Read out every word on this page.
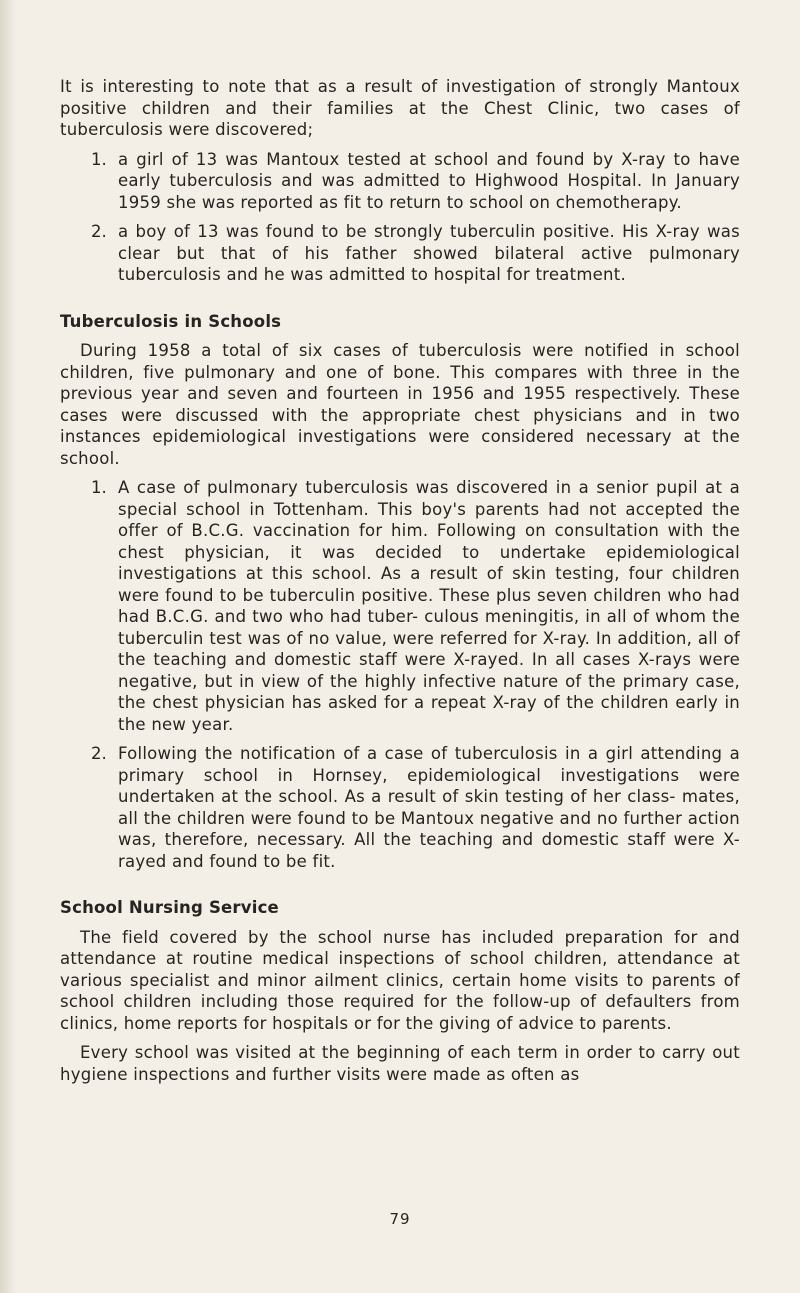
It is interesting to note that as a result of investigation of strongly Mantoux positive children and their families at the Chest Clinic, two cases of tuberculosis were discovered;

1. a girl of 13 was Mantoux tested at school and found by X-ray to have early tuberculosis and was admitted to Highwood Hospital. In January 1959 she was reported as fit to return to school on chemotherapy.

2. a boy of 13 was found to be strongly tuberculin positive. His X-ray was clear but that of his father showed bilateral active pulmonary tuberculosis and he was admitted to hospital for treatment.

Tuberculosis in Schools

During 1958 a total of six cases of tuberculosis were notified in school children, five pulmonary and one of bone. This compares with three in the previous year and seven and fourteen in 1956 and 1955 respectively. These cases were discussed with the appropriate chest physicians and in two instances epidemiological investigations were considered necessary at the school.

1. A case of pulmonary tuberculosis was discovered in a senior pupil at a special school in Tottenham. This boy's parents had not accepted the offer of B.C.G. vaccination for him. Following on consultation with the chest physician, it was decided to undertake epidemiological investigations at this school. As a result of skin testing, four children were found to be tuberculin positive. These plus seven children who had had B.C.G. and two who had tuber- culous meningitis, in all of whom the tuberculin test was of no value, were referred for X-ray. In addition, all of the teaching and domestic staff were X-rayed. In all cases X-rays were negative, but in view of the highly infective nature of the primary case, the chest physician has asked for a repeat X-ray of the children early in the new year.

2. Following the notification of a case of tuberculosis in a girl attending a primary school in Hornsey, epidemiological investigations were undertaken at the school. As a result of skin testing of her class- mates, all the children were found to be Mantoux negative and no further action was, therefore, necessary. All the teaching and domestic staff were X-rayed and found to be fit.

School Nursing Service

The field covered by the school nurse has included preparation for and attendance at routine medical inspections of school children, attendance at various specialist and minor ailment clinics, certain home visits to parents of school children including those required for the follow-up of defaulters from clinics, home reports for hospitals or for the giving of advice to parents.

Every school was visited at the beginning of each term in order to carry out hygiene inspections and further visits were made as often as

79
